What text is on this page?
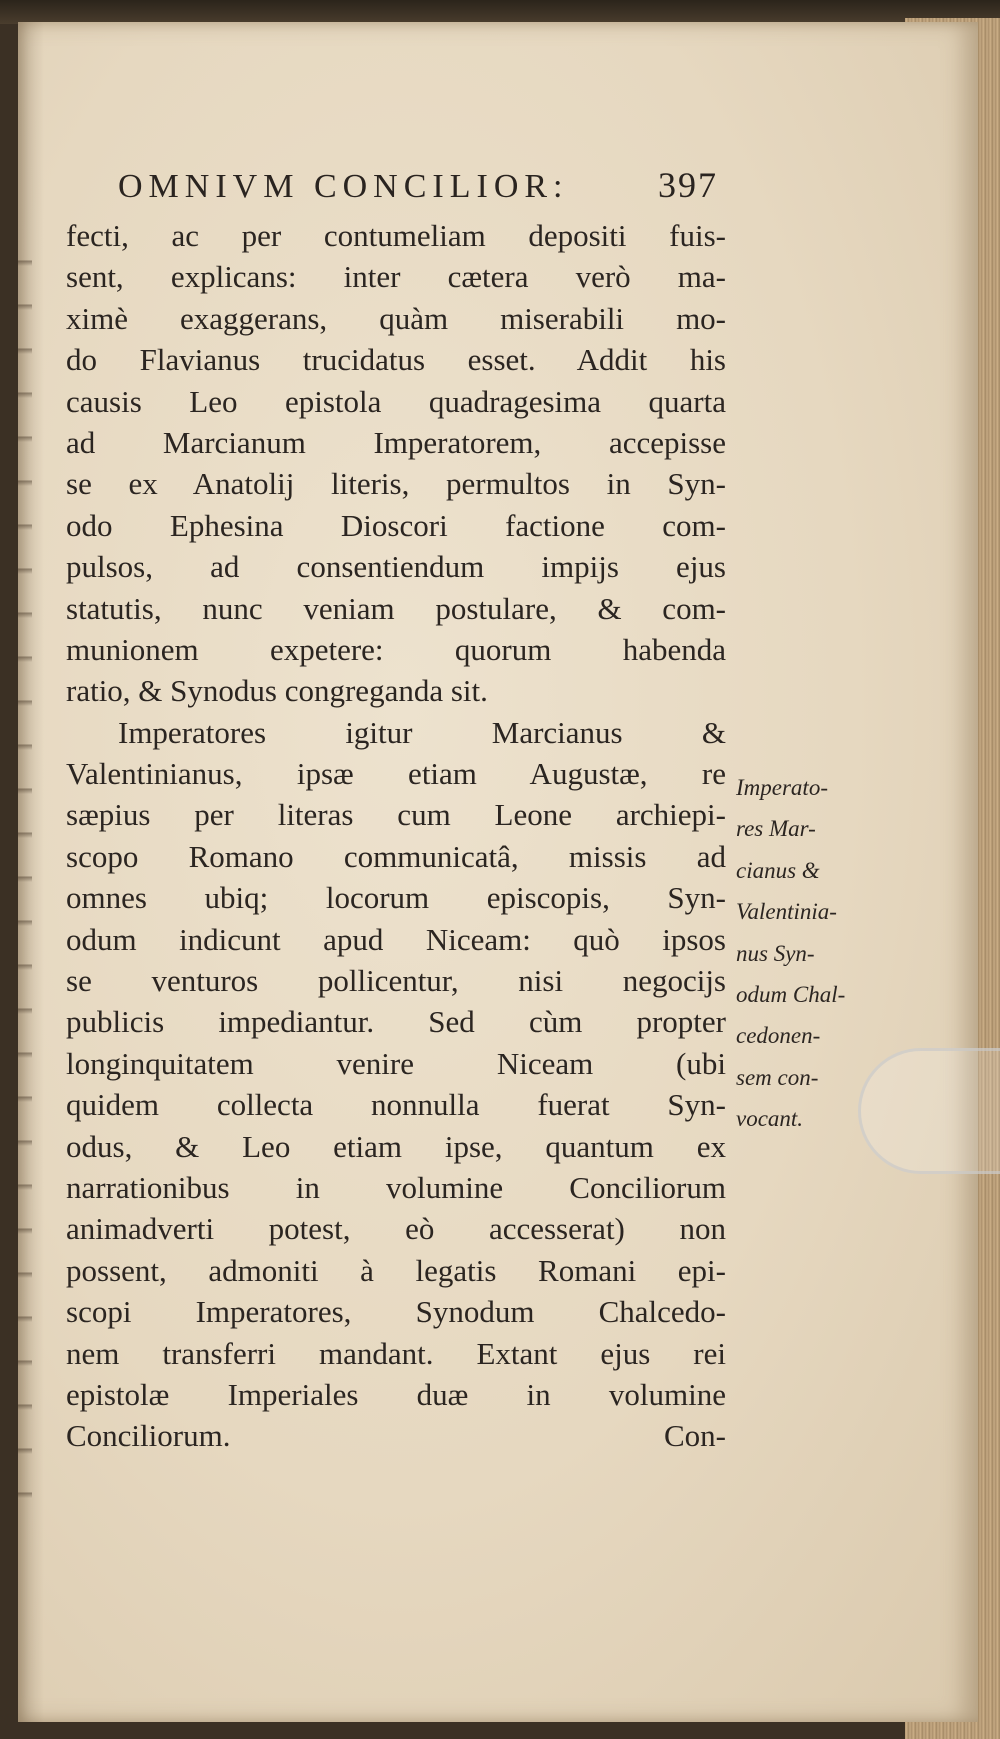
OMNIVM CONCILIOR: 397
fecti, ac per contumeliam depositi fuis-
sent, explicans: inter cætera verò ma-
ximè exaggerans, quàm miserabili mo-
do Flavianus trucidatus esset. Addit his
causis Leo epistola quadragesima quarta
ad Marcianum Imperatorem, accepisse
se ex Anatolij literis, permultos in Syn-
odo Ephesina Dioscori factione com-
pulsos, ad consentiendum impijs ejus
statutis, nunc veniam postulare, & com-
munionem expetere: quorum habenda
ratio, & Synodus congreganda sit.
Imperatores igitur Marcianus &
Valentinianus, ipsæ etiam Augustæ, re
sæpius per literas cum Leone archiepi-
scopo Romano communicatâ, missis ad
omnes ubiq; locorum episcopis, Syn-
odum indicunt apud Niceam: quò ipsos
se venturos pollicentur, nisi negocijs
publicis impediantur. Sed cùm propter
longinquitatem venire Niceam (ubi
quidem collecta nonnulla fuerat Syn-
odus, & Leo etiam ipse, quantum ex
narrationibus in volumine Conciliorum
animadverti potest, eò accesserat) non
possent, admoniti à legatis Romani epi-
scopi Imperatores, Synodum Chalcedo-
nem transferri mandant. Extant ejus rei
epistolæ Imperiales duæ in volumine
Conciliorum.	Con-
Imperato-
res Mar-
cianus &
Valentinia-
nus Syn-
odum Chal-
cedonen-
sem con-
vocant.
